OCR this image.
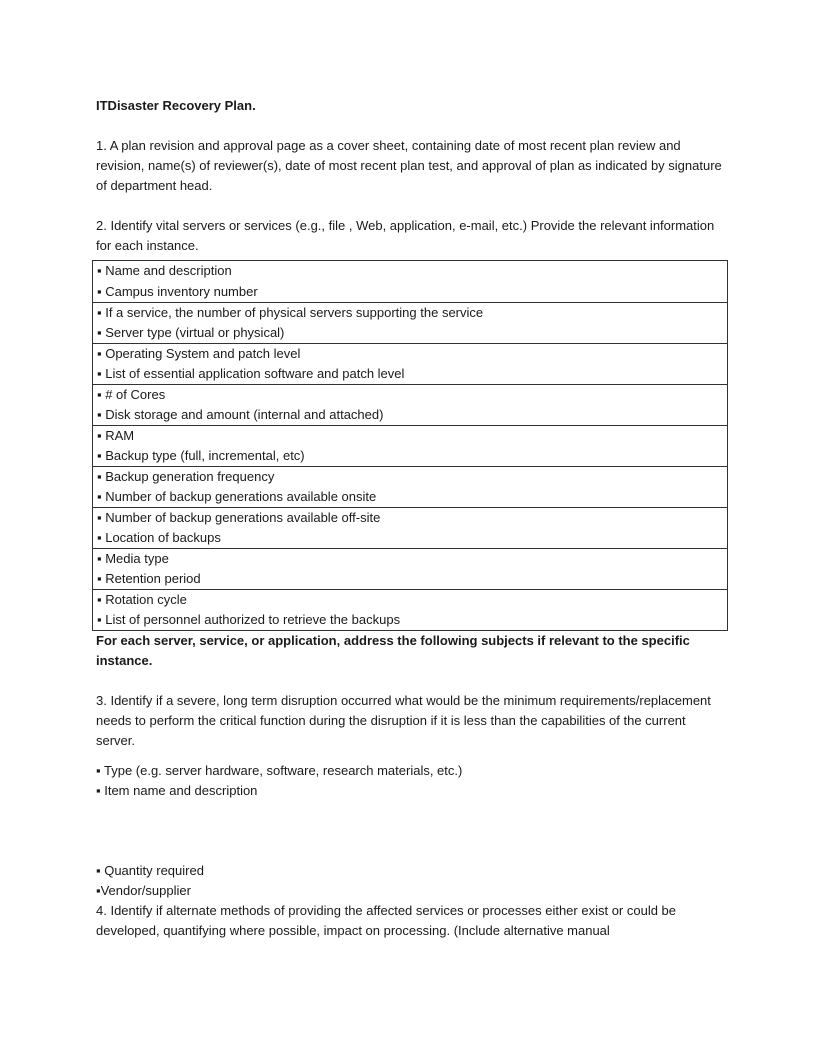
ITDisaster Recovery Plan.

1. A plan revision and approval page as a cover sheet, containing date of most recent plan review and revision, name(s) of reviewer(s), date of most recent plan test, and approval of plan as indicated by signature of department head.

2. Identify vital servers or services (e.g., file , Web, application, e-mail, etc.) Provide the relevant information for each instance.

▪ Name and description
▪ Campus inventory number

▪ If a service, the number of physical servers supporting the service
▪ Server type (virtual or physical)

▪ Operating System and patch level
▪ List of essential application software and patch level

▪ # of Cores
▪ Disk storage and amount (internal and attached)

▪ RAM
▪ Backup type (full, incremental, etc)

▪ Backup generation frequency
▪ Number of backup generations available onsite

▪ Number of backup generations available off-site
▪ Location of backups

▪ Media type
▪ Retention period

▪ Rotation cycle
▪ List of personnel authorized to retrieve the backups

For each server, service, or application, address the following subjects if relevant to the specific instance.

3. Identify if a severe, long term disruption occurred what would be the minimum requirements/replacement needs to perform the critical function during the disruption if it is less than the capabilities of the current server.

▪ Type (e.g. server hardware, software, research materials, etc.)
▪ Item name and description
▪ Quantity required
▪Vendor/supplier

4. Identify if alternate methods of providing the affected services or processes either exist or could be developed, quantifying where possible, impact on processing. (Include alternative manual
